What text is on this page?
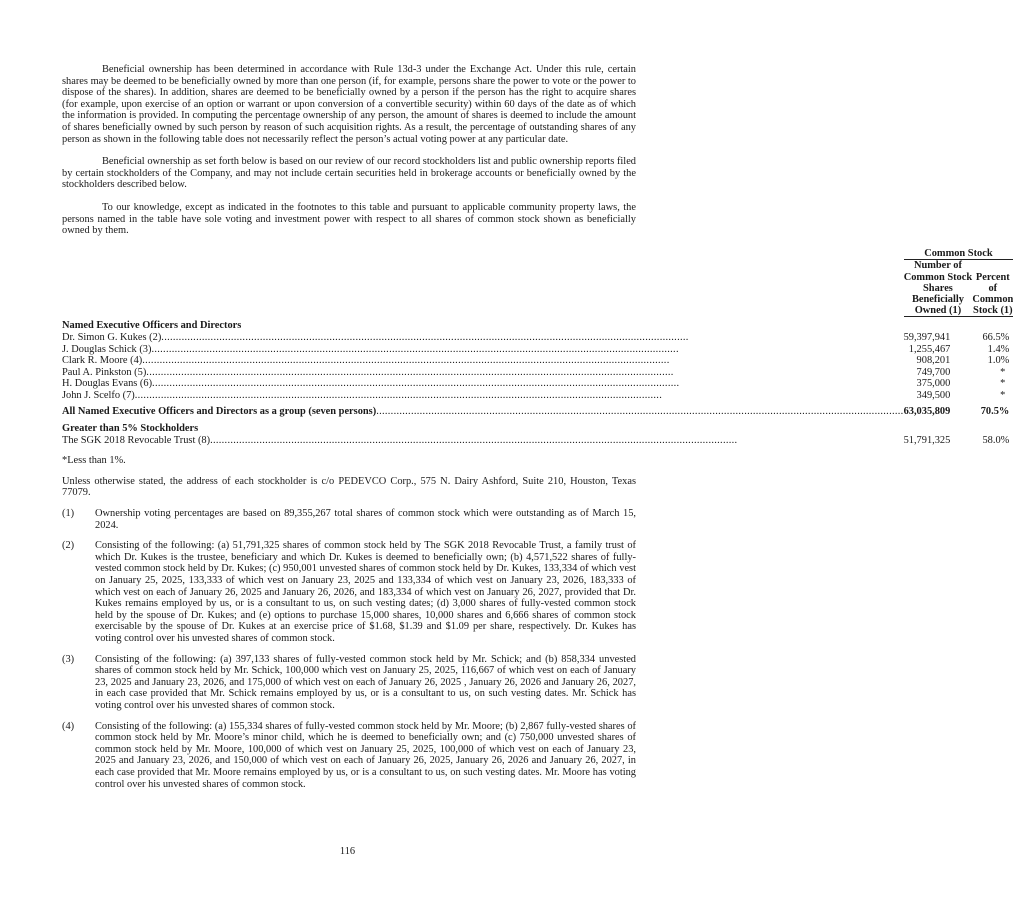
Beneficial ownership has been determined in accordance with Rule 13d-3 under the Exchange Act. Under this rule, certain shares may be deemed to be beneficially owned by more than one person (if, for example, persons share the power to vote or the power to dispose of the shares). In addition, shares are deemed to be beneficially owned by a person if the person has the right to acquire shares (for example, upon exercise of an option or warrant or upon conversion of a convertible security) within 60 days of the date as of which the information is provided. In computing the percentage ownership of any person, the amount of shares is deemed to include the amount of shares beneficially owned by such person by reason of such acquisition rights. As a result, the percentage of outstanding shares of any person as shown in the following table does not necessarily reflect the person’s actual voting power at any particular date.

Beneficial ownership as set forth below is based on our review of our record stockholders list and public ownership reports filed by certain stockholders of the Company, and may not include certain securities held in brokerage accounts or beneficially owned by the stockholders described below.

To our knowledge, except as indicated in the footnotes to this table and pursuant to applicable community property laws, the persons named in the table have sole voting and investment power with respect to all shares of common stock shown as beneficially owned by them.

		Common Stock	

Number of
Common Stock
Shares Beneficially
Owned (1)

Percent of
Common
Stock (1)

Named Executive Officers and Directors		

Dr. Simon G. Kukes (2)
.....		59,397,941		66.5%

J. Douglas Schick (3)
.....		1,255,467		1.4%

Clark R. Moore (4)
.....		908,201		1.0%

Paul A. Pinkston (5)
.....		749,700		*

H. Douglas Evans (6)
.....		375,000		*

John J. Scelfo (7)
.....		349,500		*

All Named Executive Officers and Directors as a group (seven persons)
.....		63,035,809		70.5%

Greater than 5% Stockholders		

The SGK 2018 Revocable Trust (8)
.....		51,791,325		58.0%

*Less than 1%.

Unless otherwise stated, the address of each stockholder is c/o PEDEVCO Corp., 575 N. Dairy Ashford, Suite 210, Houston, Texas 77079.

(1)	Ownership voting percentages are based on 89,355,267 total shares of common stock which were outstanding as of March 15, 2024.
(2)	Consisting of the following: (a) 51,791,325 shares of common stock held by The SGK 2018 Revocable Trust, a family trust of which Dr. Kukes is the trustee, beneficiary and which Dr. Kukes is deemed to beneficially own; (b) 4,571,522 shares of fully-vested common stock held by Dr. Kukes; (c) 950,001 unvested shares of common stock held by Dr. Kukes, 133,334 of which vest on January 25, 2025, 133,333 of which vest on January 23, 2025 and 133,334 of which vest on January 23, 2026, 183,333 of which vest on each of January 26, 2025 and January 26, 2026, and 183,334 of which vest on January 26, 2027, provided that Dr. Kukes remains employed by us, or is a consultant to us, on such vesting dates; (d) 3,000 shares of fully-vested common stock held by the spouse of Dr. Kukes; and (e) options to purchase 15,000 shares, 10,000 shares and 6,666 shares of common stock exercisable by the spouse of Dr. Kukes at an exercise price of $1.68, $1.39 and $1.09 per share, respectively. Dr. Kukes has voting control over his unvested shares of common stock.
(3)	Consisting of the following: (a) 397,133 shares of fully-vested common stock held by Mr. Schick; and (b) 858,334 unvested shares of common stock held by Mr. Schick, 100,000 which vest on January 25, 2025, 116,667 of which vest on each of January 23, 2025 and January 23, 2026, and 175,000 of which vest on each of January 26, 2025 , January 26, 2026 and January 26, 2027, in each case provided that Mr. Schick remains employed by us, or is a consultant to us, on such vesting dates. Mr. Schick has voting control over his unvested shares of common stock.
(4)	Consisting of the following: (a) 155,334 shares of fully-vested common stock held by Mr. Moore; (b) 2,867 fully-vested shares of common stock held by Mr. Moore’s minor child, which he is deemed to beneficially own; and (c) 750,000 unvested shares of common stock held by Mr. Moore, 100,000 of which vest on January 25, 2025, 100,000 of which vest on each of January 23, 2025 and January 23, 2026, and 150,000 of which vest on each of January 26, 2025, January 26, 2026 and January 26, 2027, in each case provided that Mr. Moore remains employed by us, or is a consultant to us, on such vesting dates. Mr. Moore has voting control over his unvested shares of common stock.
116
